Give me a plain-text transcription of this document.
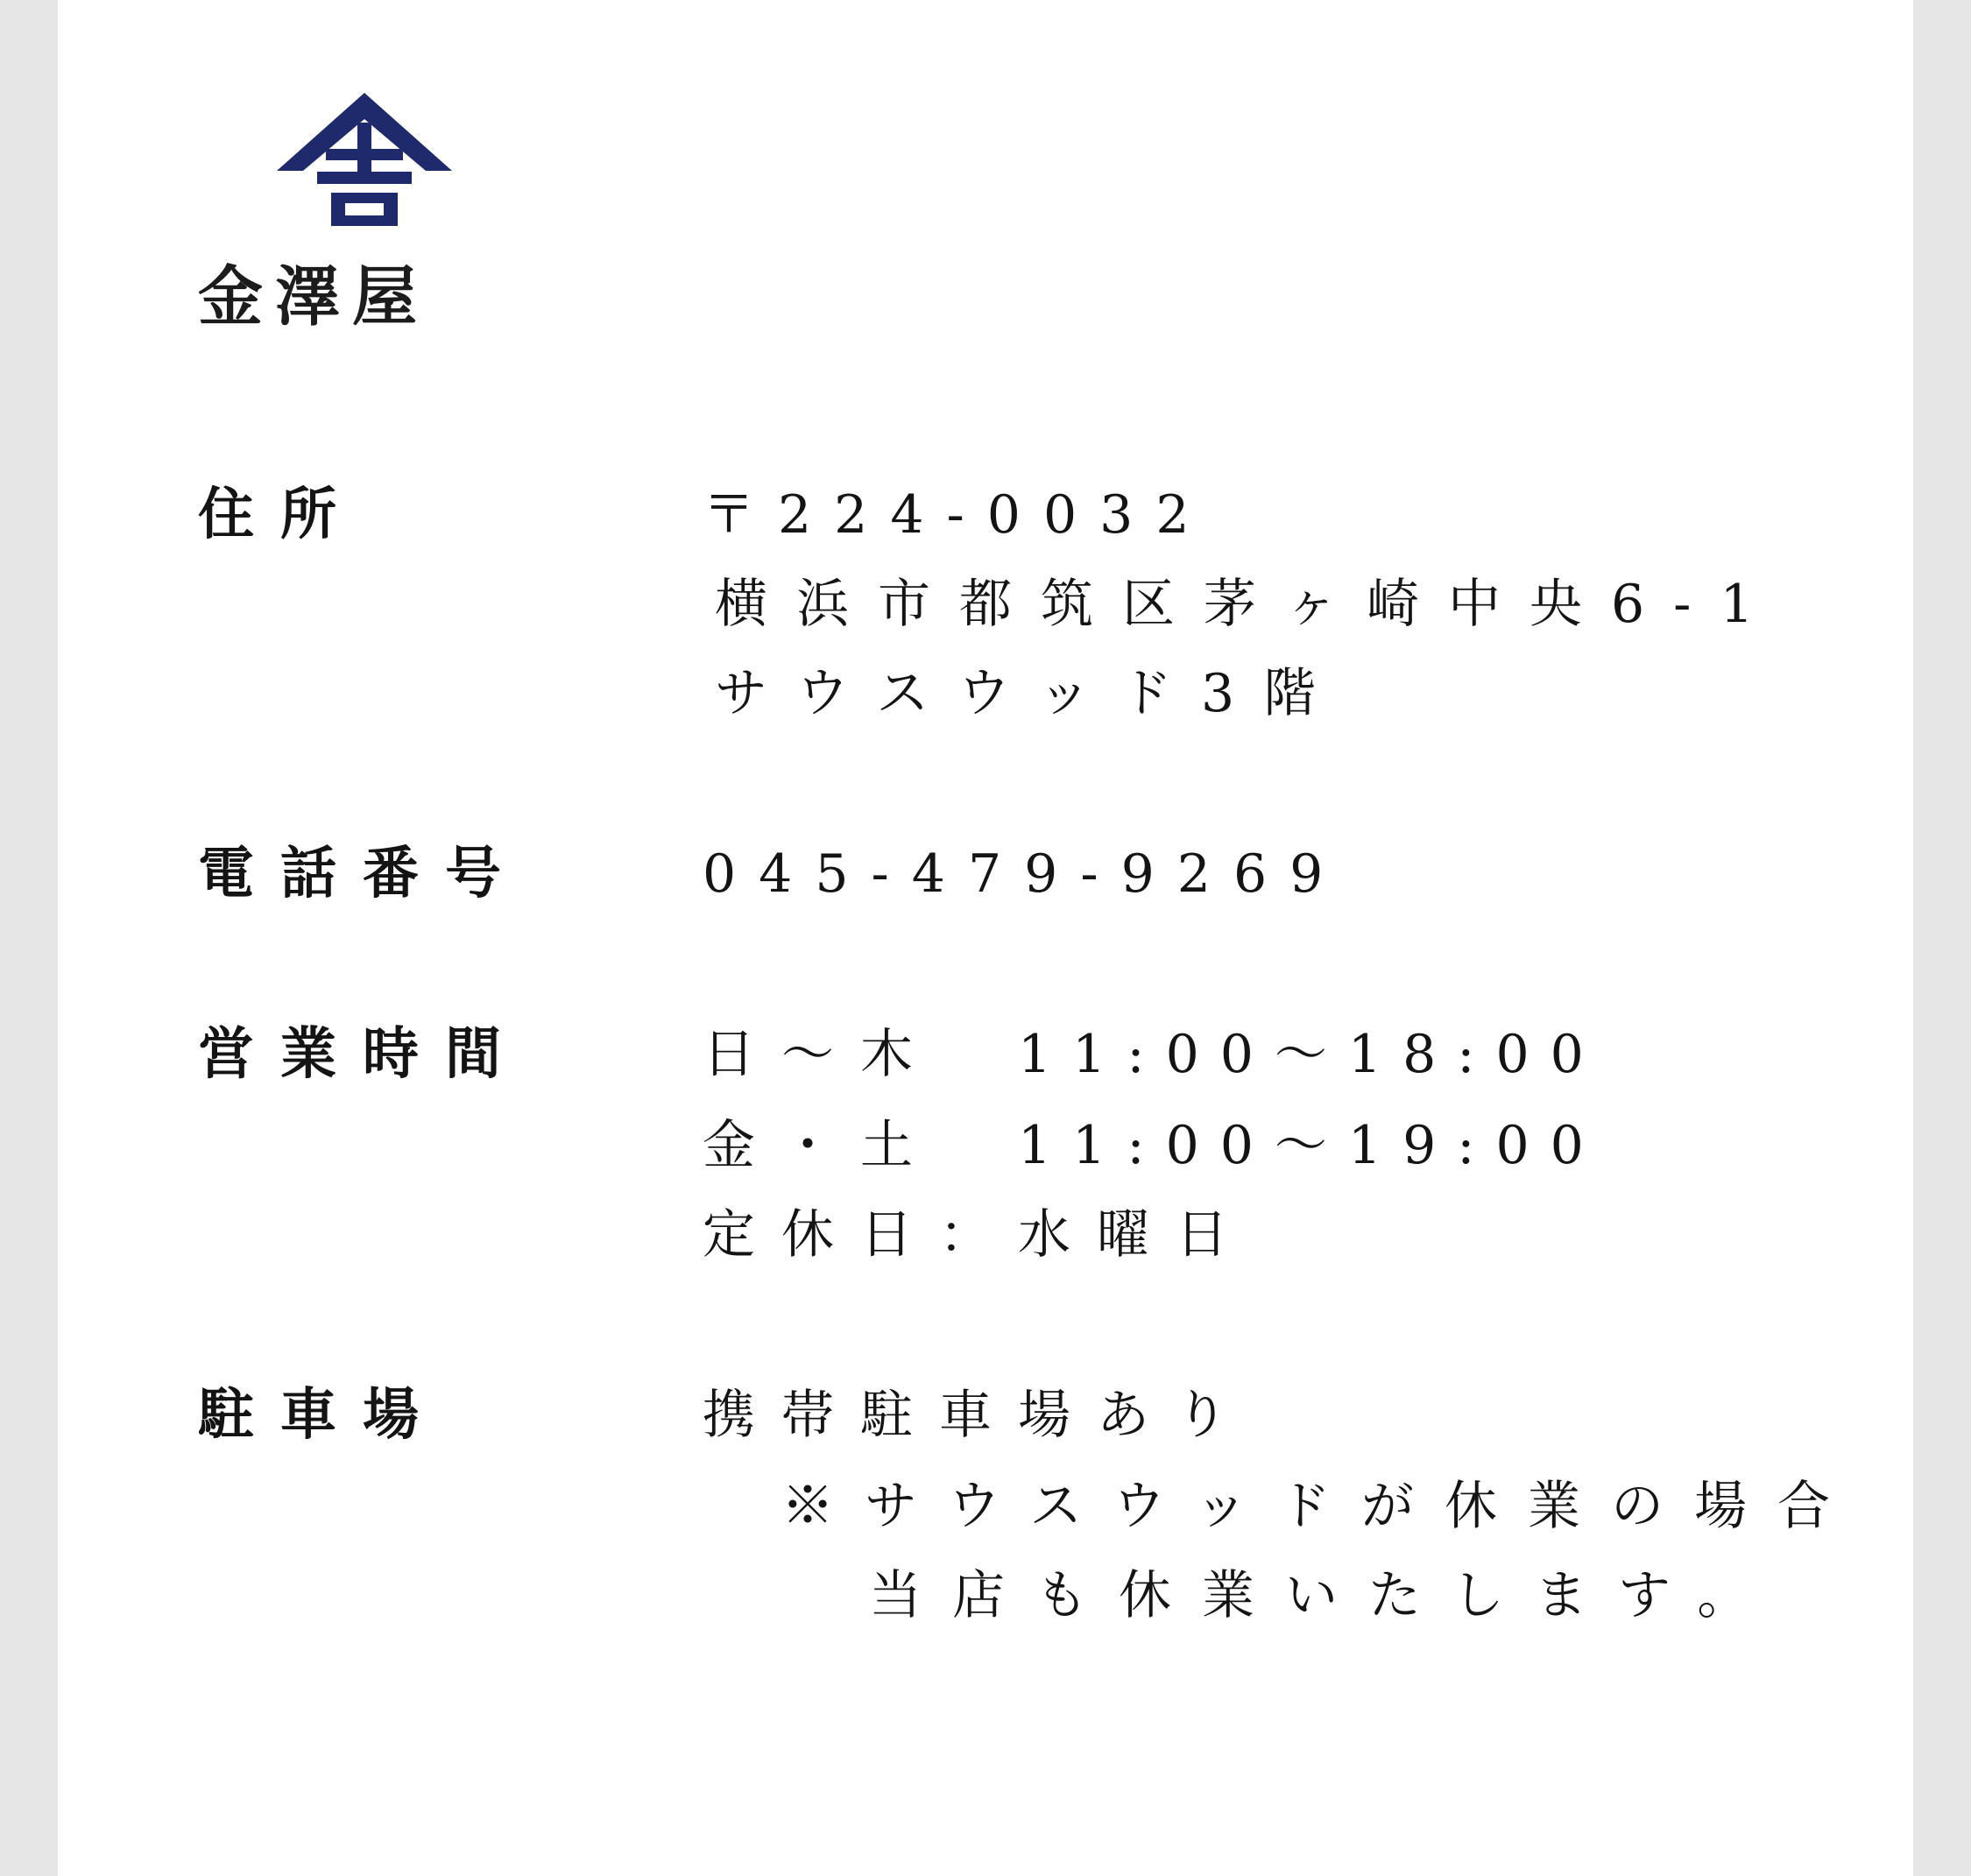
金澤屋
住所	〒224-0032
横浜市都筑区茅ヶ崎中央6-1
サウスウッド3階
電話番号	045-479-9269
営業時間	日〜木 11:00〜18:00
金・土 11:00〜19:00
定休日：水曜日
駐車場	携帯駐車場あり
※サウスウッドが休業の場合
当店も休業いたします。
